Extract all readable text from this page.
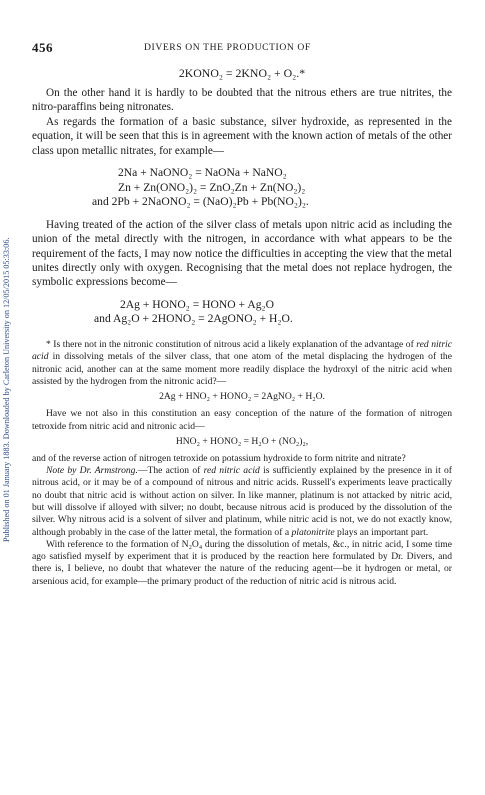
Published on 01 January 1883. Downloaded by Carleton University on 12/05/2015 05:33:06.
456	DIVERS ON THE PRODUCTION OF
2KONO₂ = 2KNO₂ + O₂.*

On the other hand it is hardly to be doubted that the nitrous ethers are true nitrites, the nitro-paraffins being nitronates.

As regards the formation of a basic substance, silver hydroxide, as represented in the equation, it will be seen that this is in agreement with the known action of metals of the other class upon metallic nitrates, for example—

2Na + NaONO₂ = NaONa + NaNO₂
Zn + Zn(ONO₂)₂ = ZnO₂Zn + Zn(NO₂)₂
and 2Pb + 2NaONO₂ = (NaO)₂Pb + Pb(NO₂)₂.

Having treated of the action of the silver class of metals upon nitric acid as including the union of the metal directly with the nitrogen, in accordance with what appears to be the requirement of the facts, I may now notice the difficulties in accepting the view that the metal unites directly only with oxygen. Recognising that the metal does not replace hydrogen, the symbolic expressions become—

2Ag + HONO₂ = HONO + Ag₂O
and Ag₂O + 2HONO₂ = 2AgONO₂ + H₂O.

* Is there not in the nitronic constitution of nitrous acid a likely explanation of the advantage of red nitric acid in dissolving metals of the silver class, that one atom of the metal displacing the hydrogen of the nitronic acid, another can at the same moment more readily displace the hydroxyl of the nitric acid when assisted by the hydrogen from the nitronic acid?—

2Ag + HNO₂ + HONO₂ = 2AgNO₂ + H₂O.

Have we not also in this constitution an easy conception of the nature of the formation of nitrogen tetroxide from nitric acid and nitronic acid—

HNO₂ + HONO₂ = H₂O + (NO₂)₂,

and of the reverse action of nitrogen tetroxide on potassium hydroxide to form nitrite and nitrate?

Note by Dr. Armstrong.—The action of red nitric acid is sufficiently explained by the presence in it of nitrous acid, or it may be of a compound of nitrous and nitric acids. Russell's experiments leave practically no doubt that nitric acid is without action on silver. In like manner, platinum is not attacked by nitric acid, but will dissolve if alloyed with silver; no doubt, because nitrous acid is produced by the dissolution of the silver. Why nitrous acid is a solvent of silver and platinum, while nitric acid is not, we do not exactly know, although probably in the case of the latter metal, the formation of a platonitrite plays an important part.

With reference to the formation of N₂O₄ during the dissolution of metals, &c., in nitric acid, I some time ago satisfied myself by experiment that it is produced by the reaction here formulated by Dr. Divers, and there is, I believe, no doubt that whatever the nature of the reducing agent—be it hydrogen or metal, or arsenious acid, for example—the primary product of the reduction of nitric acid is nitrous acid.
